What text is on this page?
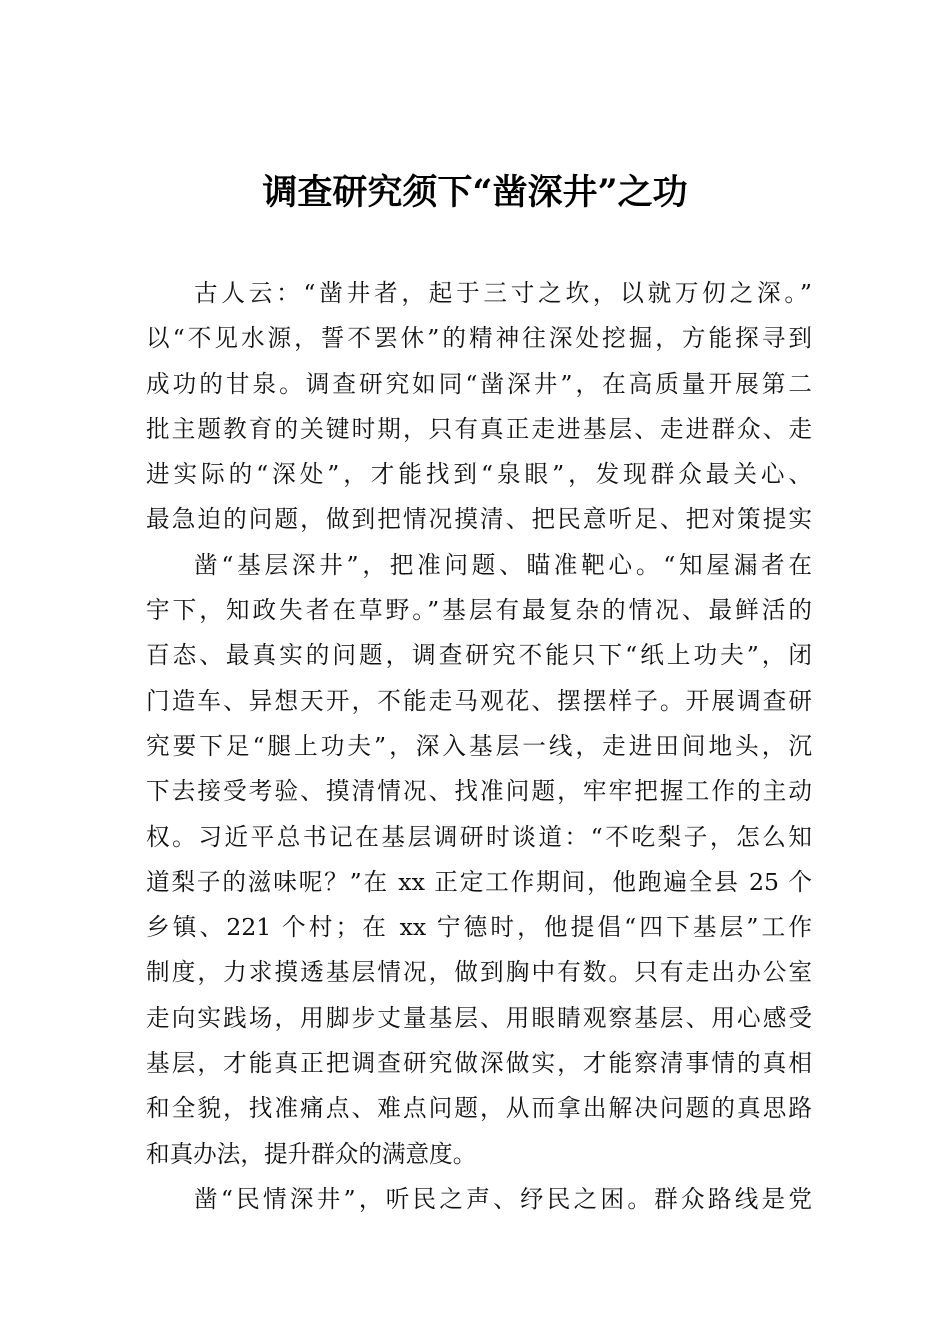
调查研究须下“凿深井”之功
古人云：“凿井者，起于三寸之坎，以就万仞之深。”
以“不见水源，誓不罢休”的精神往深处挖掘，方能探寻到
成功的甘泉。调查研究如同“凿深井”，在高质量开展第二
批主题教育的关键时期，只有真正走进基层、走进群众、走
进实际的“深处”，才能找到“泉眼”，发现群众最关心、
最急迫的问题，做到把情况摸清、把民意听足、把对策提实
凿“基层深井”，把准问题、瞄准靶心。“知屋漏者在
宇下，知政失者在草野。”基层有最复杂的情况、最鲜活的
百态、最真实的问题，调查研究不能只下“纸上功夫”，闭
门造车、异想天开，不能走马观花、摆摆样子。开展调查研
究要下足“腿上功夫”，深入基层一线，走进田间地头，沉
下去接受考验、摸清情况、找准问题，牢牢把握工作的主动
权。习近平总书记在基层调研时谈道：“不吃梨子，怎么知
道梨子的滋味呢？”在 xx 正定工作期间，他跑遍全县 25 个
乡镇、221 个村；在 xx 宁德时，他提倡“四下基层”工作
制度，力求摸透基层情况，做到胸中有数。只有走出办公室
走向实践场，用脚步丈量基层、用眼睛观察基层、用心感受
基层，才能真正把调查研究做深做实，才能察清事情的真相
和全貌，找准痛点、难点问题，从而拿出解决问题的真思路
和真办法，提升群众的满意度。
凿“民情深井”，听民之声、纾民之困。群众路线是党
